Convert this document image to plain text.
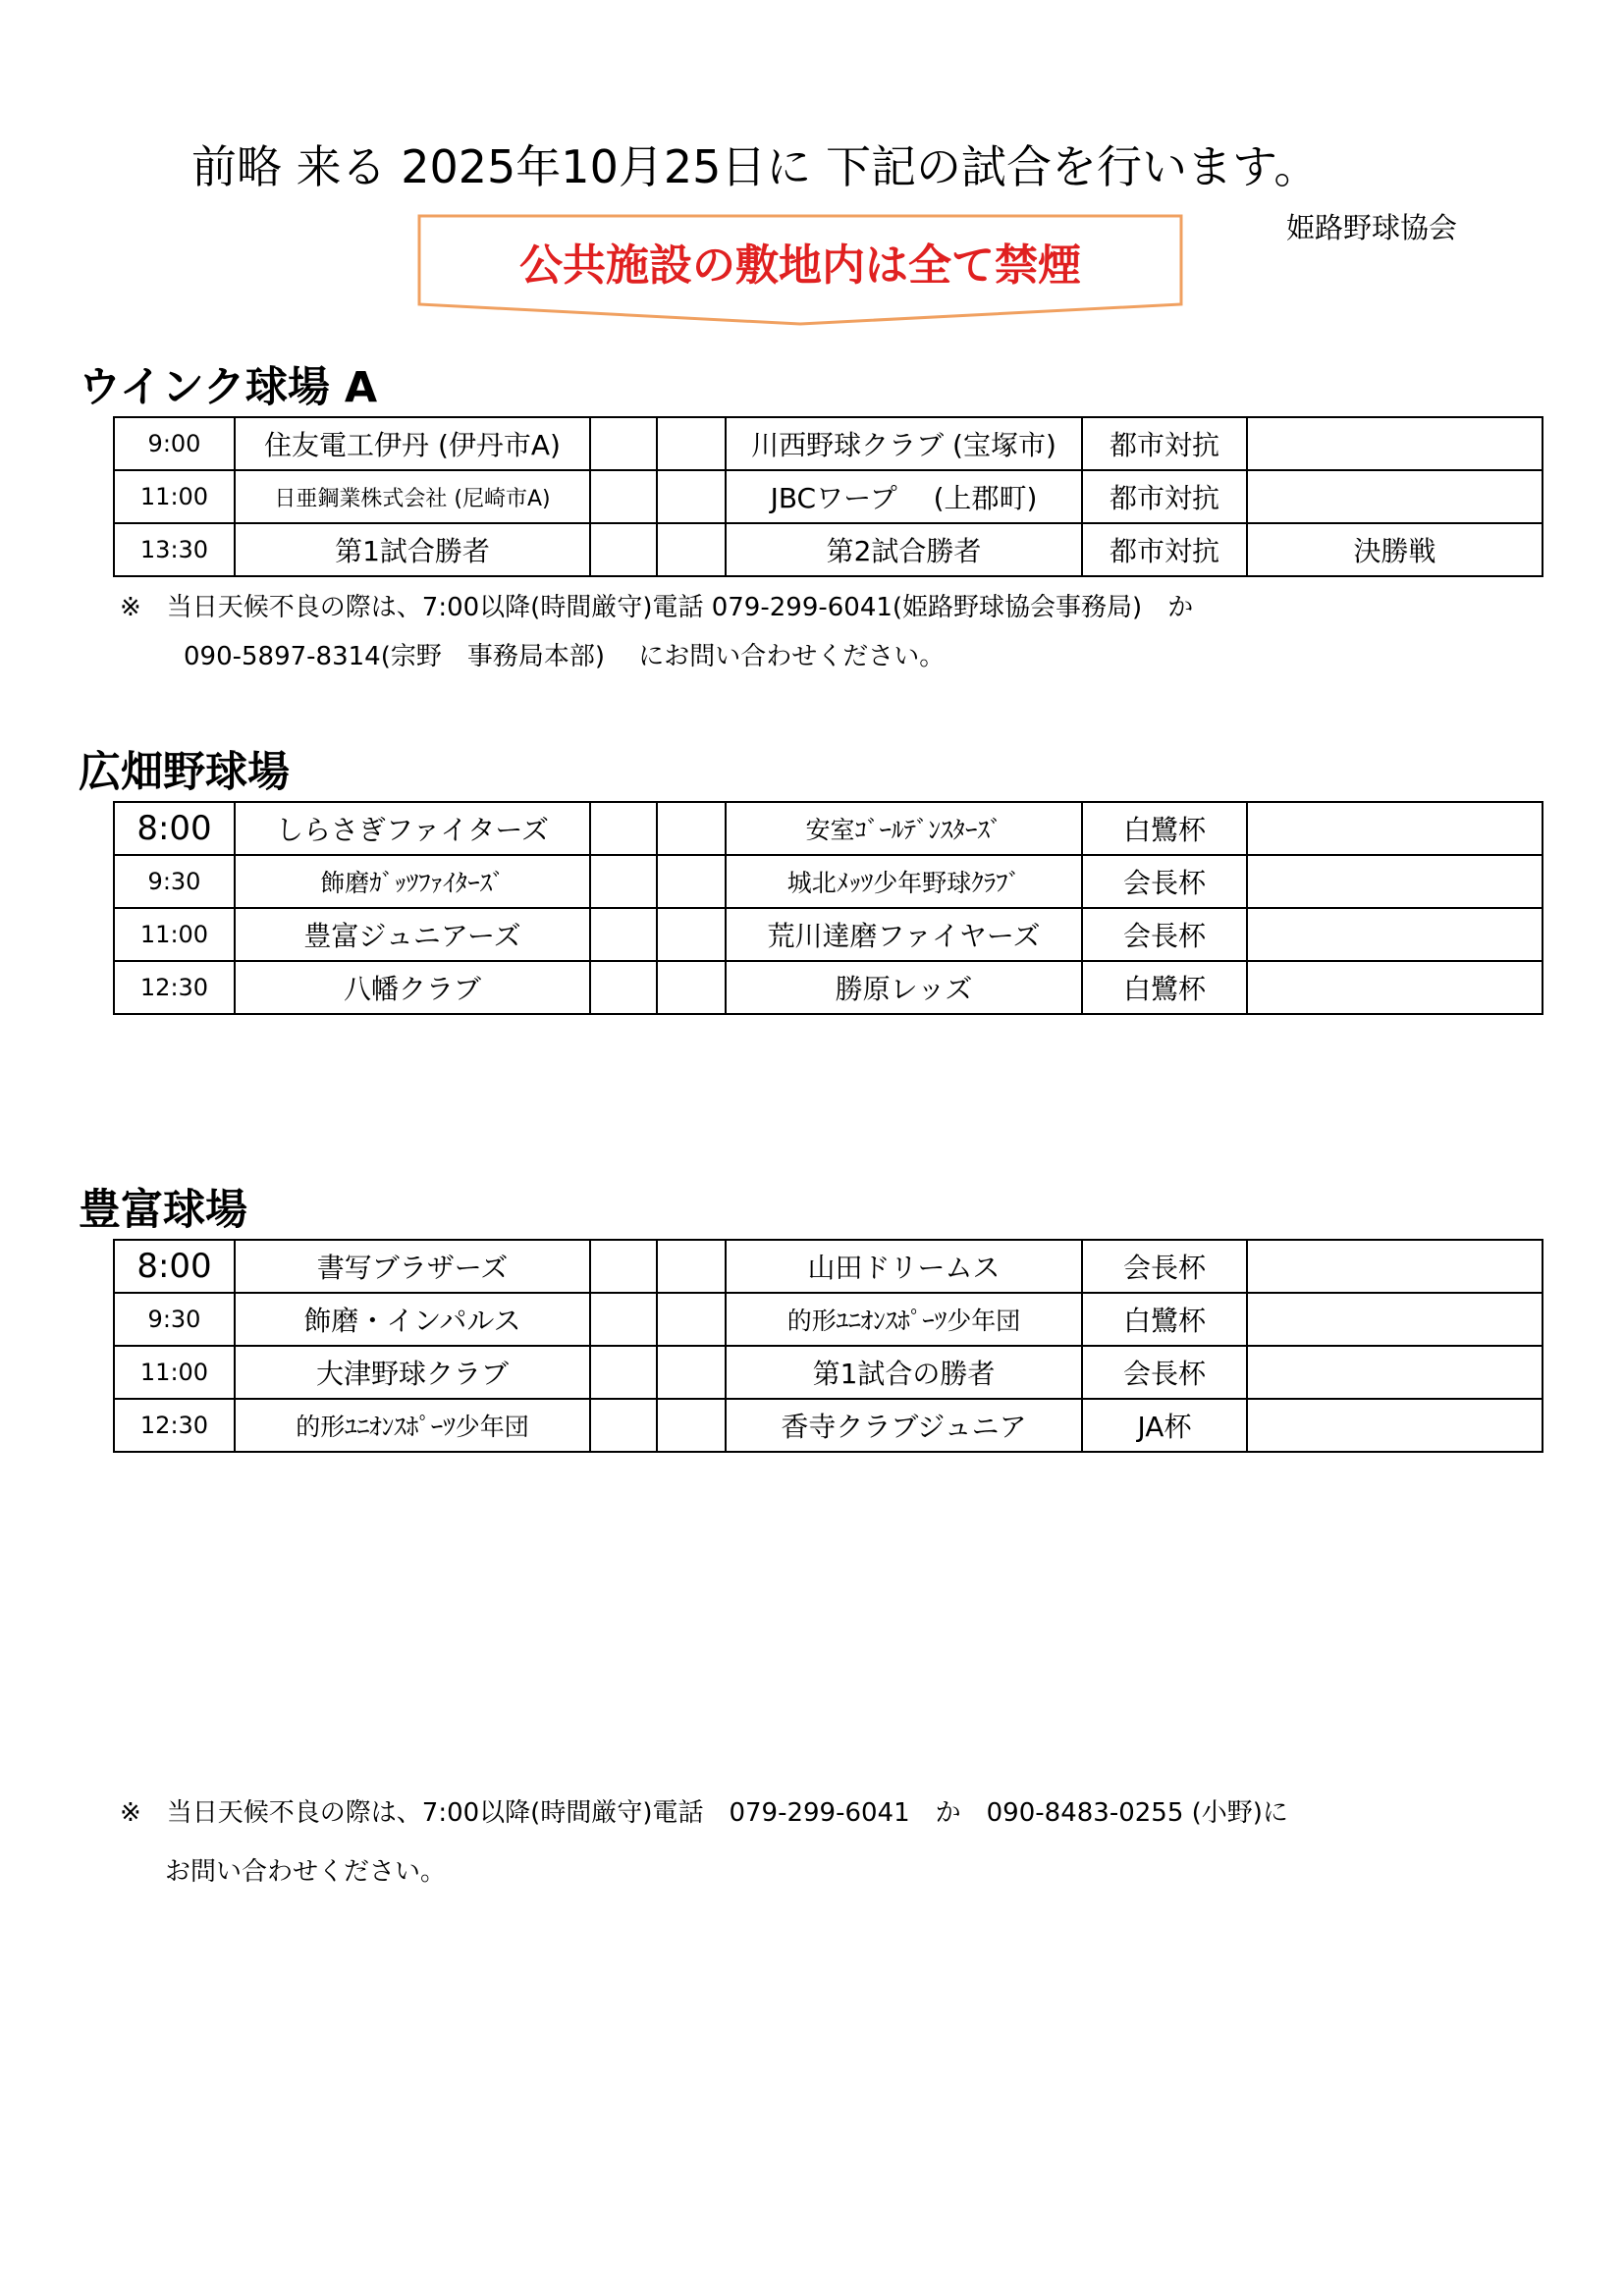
前略 来る 2025年10月25日に 下記の試合を行います。
姫路野球協会
公共施設の敷地内は全て禁煙
ウインク球場 A
9:00	住友電工伊丹 (伊丹市A)			川西野球クラブ (宝塚市)	都市対抗	
11:00	日亜鋼業株式会社 (尼崎市A)			JBCワープ　 (上郡町)	都市対抗	
13:30	第1試合勝者			第2試合勝者	都市対抗	決勝戦
※　当日天候不良の際は、7:00以降(時間厳守)電話 079-299-6041(姫路野球協会事務局)　か
090-5897-8314(宗野　事務局本部)　 にお問い合わせください。
広畑野球場
8:00	しらさぎファイターズ			安室ｺﾞｰﾙﾃﾞﾝｽﾀｰｽﾞ	白鷺杯	
9:30	飾磨ｶﾞｯﾂﾌｧｲﾀｰｽﾞ			城北ﾒｯﾂ少年野球ｸﾗﾌﾞ	会長杯	
11:00	豊富ジュニアーズ			荒川達磨ファイヤーズ	会長杯	
12:30	八幡クラブ			勝原レッズ	白鷺杯	
豊富球場
8:00	書写ブラザーズ			山田ドリームス	会長杯	
9:30	飾磨・インパルス			的形ﾕﾆｵﾝｽﾎﾟｰﾂ少年団	白鷺杯	
11:00	大津野球クラブ			第1試合の勝者	会長杯	
12:30	的形ﾕﾆｵﾝｽﾎﾟｰﾂ少年団			香寺クラブジュニア	JA杯	
※　当日天候不良の際は、7:00以降(時間厳守)電話　079-299-6041　か　090-8483-0255 (小野)に
お問い合わせください。
